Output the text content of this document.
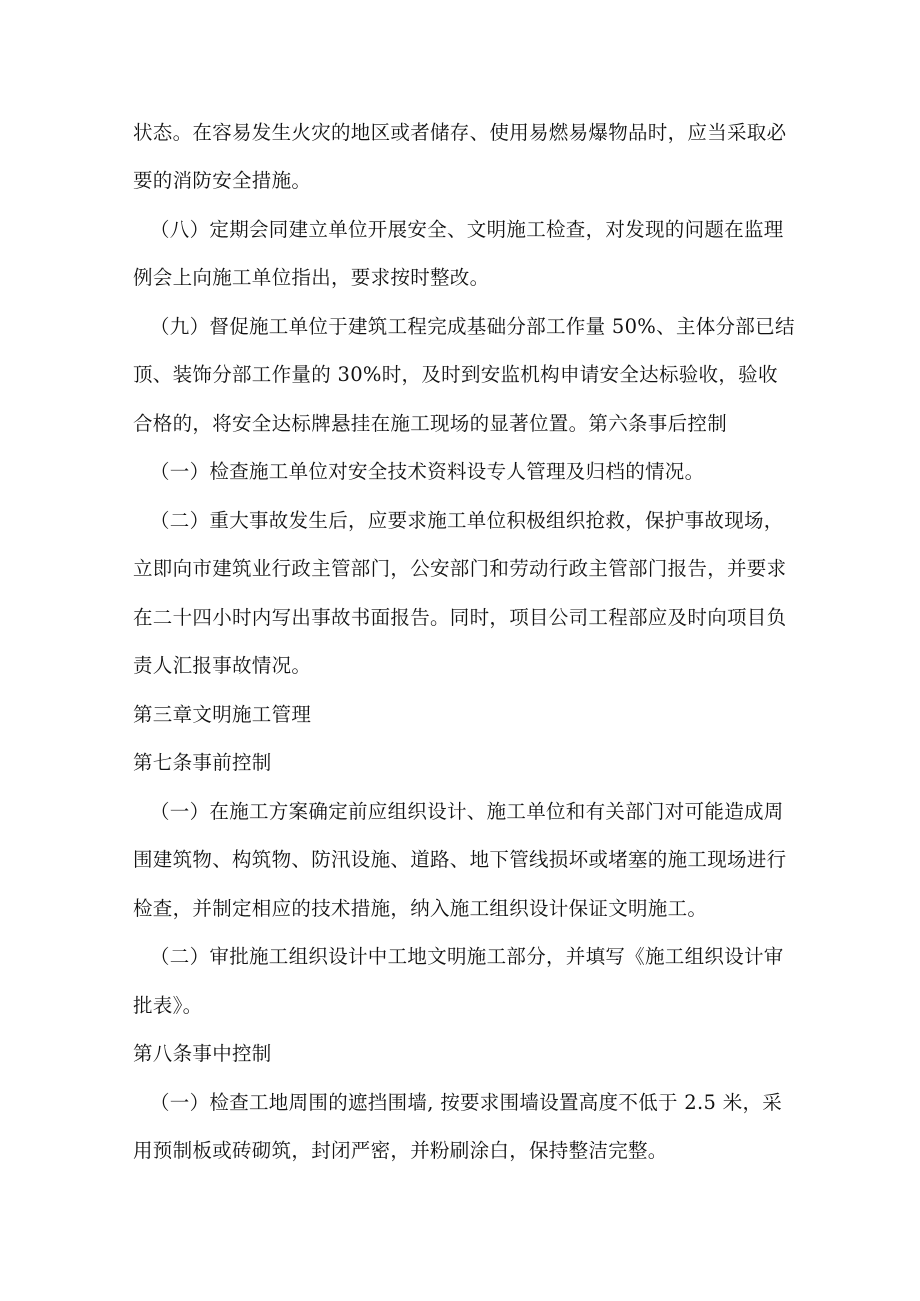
状态。在容易发生火灾的地区或者储存、使用易燃易爆物品时，应当采取必
要的消防安全措施。
（八）定期会同建立单位开展安全、文明施工检查，对发现的问题在监理
例会上向施工单位指出，要求按时整改。
（九）督促施工单位于建筑工程完成基础分部工作量 50%、主体分部已结
顶、装饰分部工作量的 30%时，及时到安监机构申请安全达标验收，验收
合格的，将安全达标牌悬挂在施工现场的显著位置。第六条事后控制
（一）检查施工单位对安全技术资料设专人管理及归档的情况。
（二）重大事故发生后，应要求施工单位积极组织抢救，保护事故现场，
立即向市建筑业行政主管部门，公安部门和劳动行政主管部门报告，并要求
在二十四小时内写出事故书面报告。同时，项目公司工程部应及时向项目负
责人汇报事故情况。
第三章文明施工管理
第七条事前控制
（一）在施工方案确定前应组织设计、施工单位和有关部门对可能造成周
围建筑物、构筑物、防汛设施、道路、地下管线损坏或堵塞的施工现场进行
检查，并制定相应的技术措施，纳入施工组织设计保证文明施工。
（二）审批施工组织设计中工地文明施工部分，并填写《施工组织设计审
批表》。
第八条事中控制
（一）检查工地周围的遮挡围墙, 按要求围墙设置高度不低于 2.5 米，采
用预制板或砖砌筑，封闭严密，并粉刷涂白，保持整洁完整。
